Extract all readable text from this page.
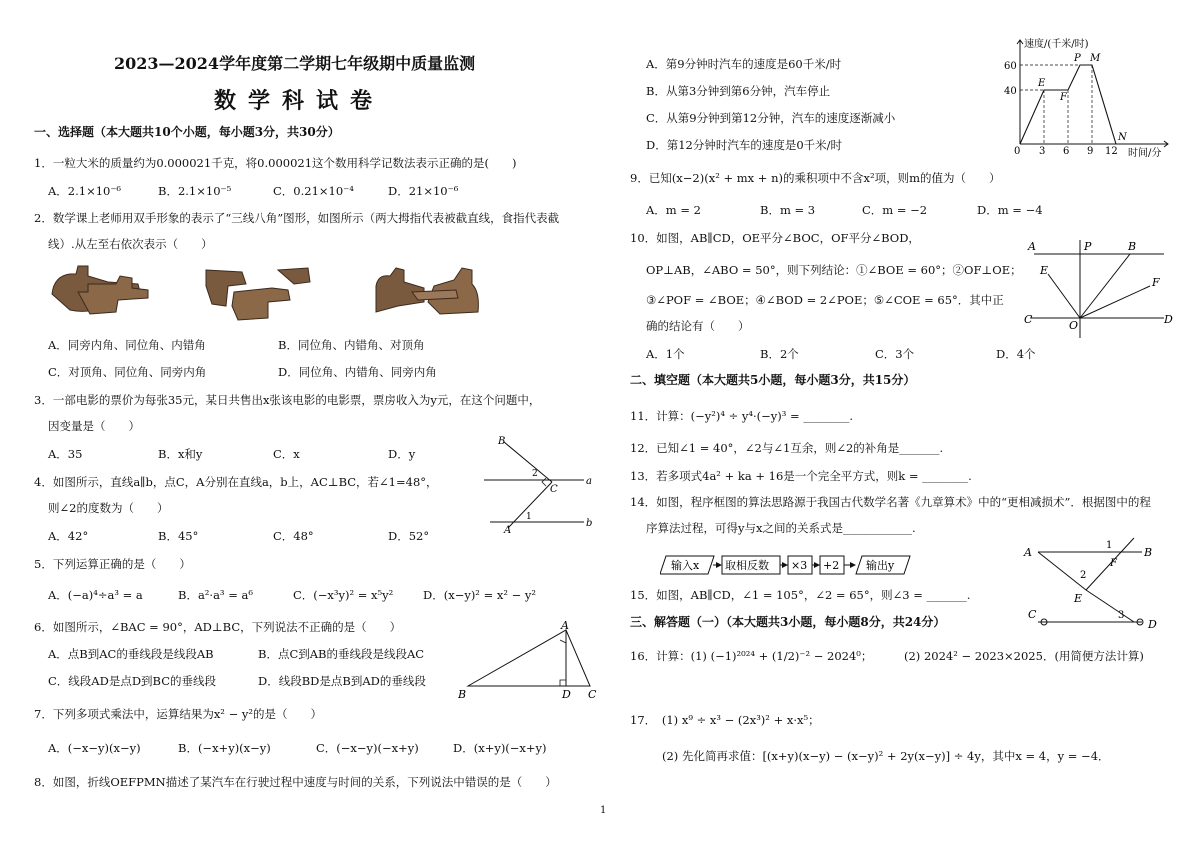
2023—2024学年度第二学期七年级期中质量监测
数学科试卷
一、选择题（本大题共10个小题，每小题3分，共30分）
1．一粒大米的质量约为0.000021千克，将0.000021这个数用科学记数法表示正确的是(　　)
A．2.1×10⁻⁶	B．2.1×10⁻⁵	C．0.21×10⁻⁴	D．21×10⁻⁶
2．数学课上老师用双手形象的表示了“三线八角”图形，如图所示（两大拇指代表被截直线，食指代表截
线）.从左至右依次表示（　　）
A．同旁内角、同位角、内错角	B．同位角、内错角、对顶角
C．对顶角、同位角、同旁内角	D．同位角、内错角、同旁内角
3．一部电影的票价为每张35元，某日共售出x张该电影的电影票，票房收入为y元，在这个问题中，
因变量是（　　）
A．35	B．x和y	C．x	D．y
B
2
C
a
1
A
b
4．如图所示，直线a∥b，点C，A分别在直线a，b上，AC⊥BC，若∠1=48°，
则∠2的度数为（　　）
A．42°	B．45°	C．48°	D．52°
5．下列运算正确的是（　　）
A．(−a)⁴÷a³ = a	B．a²·a³ = a⁶	C．(−x³y)² = x⁵y²	D．(x−y)² = x² − y²
6．如图所示，∠BAC = 90°，AD⊥BC，下列说法不正确的是（　　）
A．点B到AC的垂线段是线段AB	B．点C到AB的垂线段是线段AC
C．线段AD是点D到BC的垂线段	D．线段BD是点B到AD的垂线段
A
B	D C
7．下列多项式乘法中，运算结果为x² − y²的是（　　）
A．(−x−y)(x−y)	B．(−x+y)(x−y)	C．(−x−y)(−x+y)	D．(x+y)(−x+y)
8．如图，折线OEFPMN描述了某汽车在行驶过程中速度与时间的关系，下列说法中错误的是（　　）
A．第9分钟时汽车的速度是60千米/时
B．从第3分钟到第6分钟，汽车停止
C．从第9分钟到第12分钟，汽车的速度逐渐减小
D．第12分钟时汽车的速度是0千米/时
速度/(千米/时)
时间/分
60
40
0 3 6 9 12
E
F
P M
N
9．已知(x−2)(x² + mx + n)的乘积项中不含x²项，则m的值为（　　）
A．m = 2	B．m = 3	C．m = −2	D．m = −4
10．如图，AB∥CD，OE平分∠BOC，OF平分∠BOD，
OP⊥AB，∠ABO = 50°，则下列结论：①∠BOE = 60°；②OF⊥OE；
③∠POF = ∠BOE；④∠BOD = 2∠POE；⑤∠COE = 65°．其中正
确的结论有（　　）
A．1个	B．2个	C．3个	D．4个
A	P	B
E
F
C	O	D
二、填空题（本大题共5小题，每小题3分，共15分）
11．计算：(−y²)⁴ ÷ y⁴·(−y)³ = ________.
12．已知∠1 = 40°，∠2与∠1互余，则∠2的补角是_______.
13．若多项式4a² + ka + 16是一个完全平方式，则k = ________.
14．如图，程序框图的算法思路源于我国古代数学名著《九章算术》中的“更相减损术”．根据图中的程
序算法过程，可得y与x之间的关系式是____________.
输入x 取相反数 ×3 +2 输出y
A
1
B
F
2
E
C	3
D
15．如图，AB∥CD，∠1 = 105°，∠2 = 65°，则∠3 = _______.
三、解答题（一）（本大题共3小题，每小题8分，共24分）
16．计算：(1) (−1)²⁰²⁴ + (1/2)⁻² − 2024⁰；	(2) 2024² − 2023×2025．(用简便方法计算)
17．　(1) x⁹ ÷ x³ − (2x³)² + x·x⁵；
(2) 先化简再求值：[(x+y)(x−y) − (x−y)² + 2y(x−y)] ÷ 4y，其中x = 4，y = −4．
1
